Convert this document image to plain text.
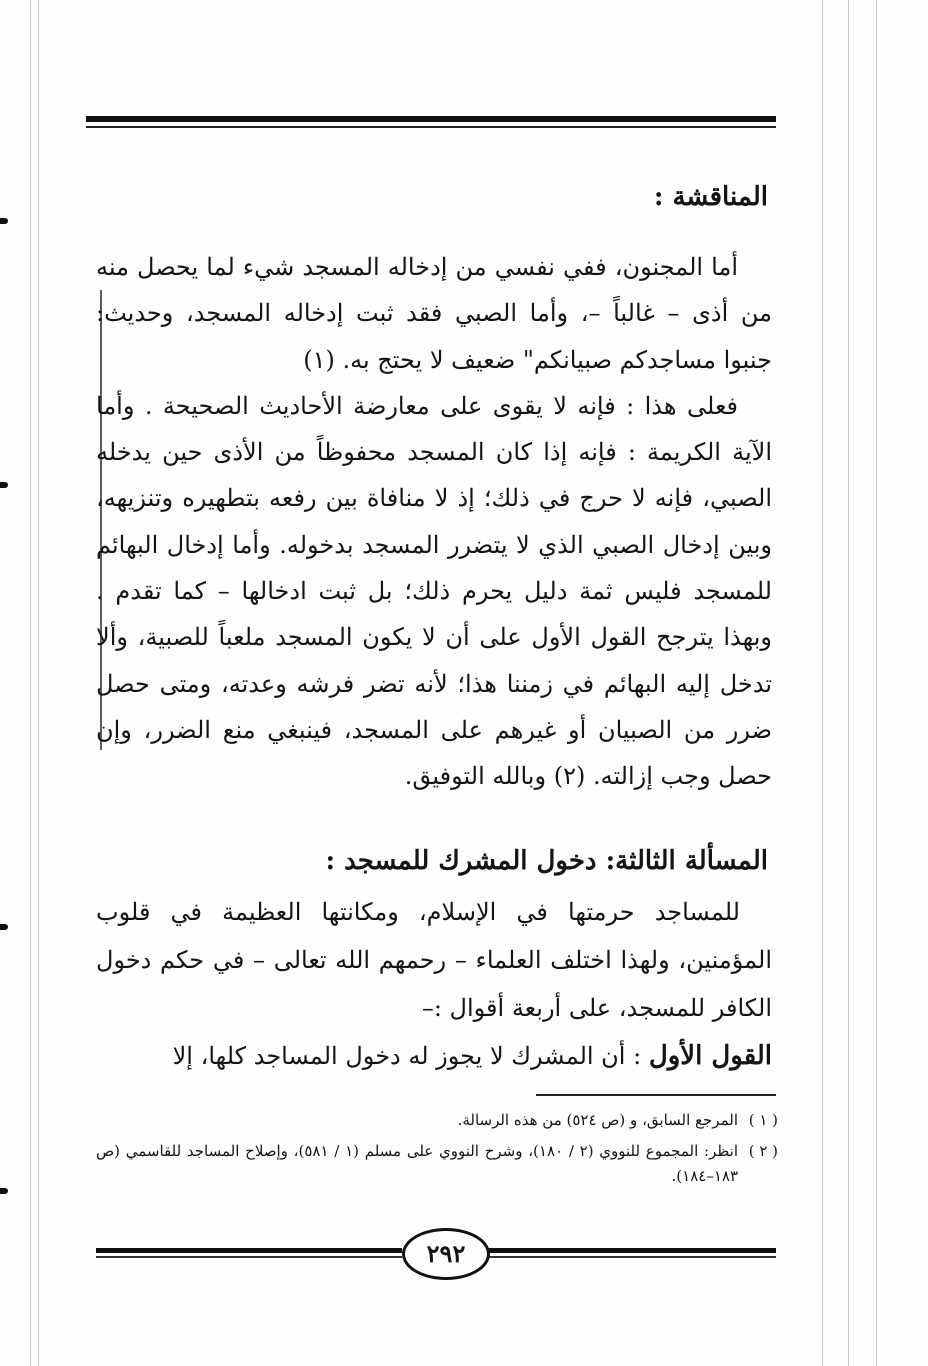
المناقشة :

أما المجنون، ففي نفسي من إدخاله المسجد شيء لما يحصل منه من أذى – غالباً –، وأما الصبي فقد ثبت إدخاله المسجد، وحديث: جنبوا مساجدكم صبيانكم" ضعيف لا يحتج به. (١)

فعلى هذا : فإنه لا يقوى على معارضة الأحاديث الصحيحة . وأما الآية الكريمة : فإنه إذا كان المسجد محفوظاً من الأذى حين يدخله الصبي، فإنه لا حرج في ذلك؛ إذ لا منافاة بين رفعه بتطهيره وتنزيهه، وبين إدخال الصبي الذي لا يتضرر المسجد بدخوله. وأما إدخال البهائم للمسجد فليس ثمة دليل يحرم ذلك؛ بل ثبت ادخالها – كما تقدم . وبهذا يترجح القول الأول على أن لا يكون المسجد ملعباً للصبية، وألا تدخل إليه البهائم في زمننا هذا؛ لأنه تضر فرشه وعدته، ومتى حصل ضرر من الصبيان أو غيرهم على المسجد، فينبغي منع الضرر، وإن حصل وجب إزالته. (٢) وبالله التوفيق.

المسألة الثالثة: دخول المشرك للمسجد :

للمساجد حرمتها في الإسلام، ومكانتها العظيمة في قلوب المؤمنين، ولهذا اختلف العلماء – رحمهم الله تعالى – في حكم دخول الكافر للمسجد، على أربعة أقوال :–

القول الأول : أن المشرك لا يجوز له دخول المساجد كلها، إلا
( ١ )
المرجع السابق، و (ص ٥٢٤) من هذه الرسالة.
( ٢ )
انظر: المجموع للنووي (٢ / ١٨٠)، وشرح النووي على مسلم (١ / ٥٨١)، وإصلاح المساجد للقاسمي (ص ١٨٣–١٨٤).
٢٩٢
